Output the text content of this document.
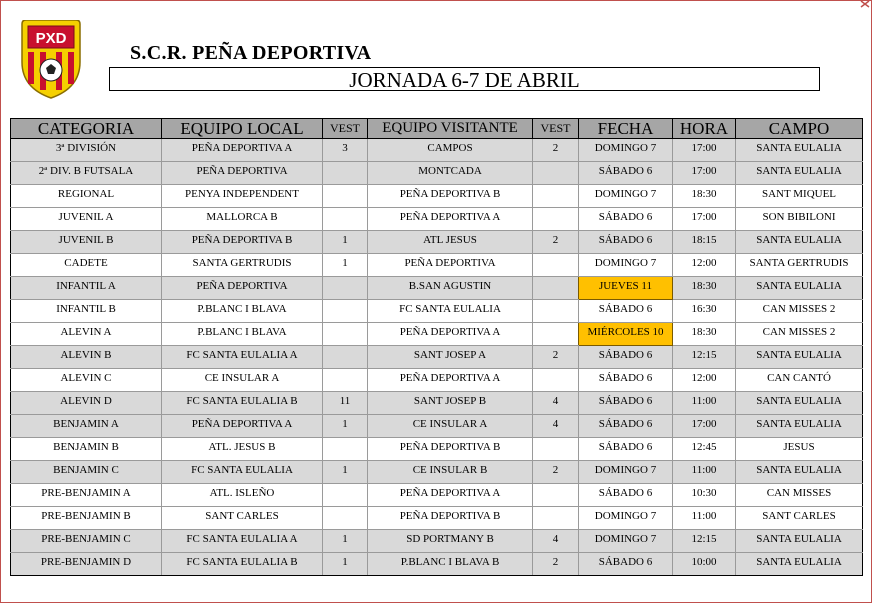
PXD
S.C.R. PEÑA DEPORTIVA
JORNADA 6-7 DE ABRIL
CATEGORIA	EQUIPO LOCAL	VEST	EQUIPO VISITANTE	VEST	FECHA	HORA	CAMPO
3ª DIVISIÓN	PEÑA DEPORTIVA A	3	CAMPOS	2	DOMINGO 7	17:00	SANTA EULALIA
2ª DIV. B FUTSALA	PEÑA DEPORTIVA		MONTCADA		SÁBADO 6	17:00	SANTA EULALIA
REGIONAL	PENYA INDEPENDENT		PEÑA DEPORTIVA B		DOMINGO 7	18:30	SANT MIQUEL
JUVENIL A	MALLORCA B		PEÑA DEPORTIVA A		SÁBADO 6	17:00	SON BIBILONI
JUVENIL B	PEÑA DEPORTIVA B	1	ATL JESUS	2	SÁBADO 6	18:15	SANTA EULALIA
CADETE	SANTA GERTRUDIS	1	PEÑA DEPORTIVA		DOMINGO 7	12:00	SANTA GERTRUDIS
INFANTIL A	PEÑA DEPORTIVA		B.SAN AGUSTIN		JUEVES 11	18:30	SANTA EULALIA
INFANTIL B	P.BLANC I BLAVA		FC SANTA EULALIA		SÁBADO 6	16:30	CAN MISSES 2
ALEVIN A	P.BLANC I BLAVA		PEÑA DEPORTIVA A		MIÉRCOLES 10	18:30	CAN MISSES 2
ALEVIN B	FC SANTA EULALIA A		SANT JOSEP A	2	SÁBADO 6	12:15	SANTA EULALIA
ALEVIN C	CE INSULAR A		PEÑA DEPORTIVA A		SÁBADO 6	12:00	CAN CANTÓ
ALEVIN D	FC SANTA EULALIA B	11	SANT JOSEP B	4	SÁBADO 6	11:00	SANTA EULALIA
BENJAMIN A	PEÑA DEPORTIVA A	1	CE INSULAR A	4	SÁBADO 6	17:00	SANTA EULALIA
BENJAMIN B	ATL. JESUS B		PEÑA DEPORTIVA B		SÁBADO 6	12:45	JESUS
BENJAMIN C	FC SANTA EULALIA	1	CE INSULAR B	2	DOMINGO 7	11:00	SANTA EULALIA
PRE-BENJAMIN A	ATL. ISLEÑO		PEÑA DEPORTIVA A		SÁBADO 6	10:30	CAN MISSES
PRE-BENJAMIN B	SANT CARLES		PEÑA DEPORTIVA B		DOMINGO 7	11:00	SANT CARLES
PRE-BENJAMIN C	FC SANTA EULALIA A	1	SD PORTMANY B	4	DOMINGO 7	12:15	SANTA EULALIA
PRE-BENJAMIN D	FC SANTA EULALIA B	1	P.BLANC I BLAVA B	2	SÁBADO 6	10:00	SANTA EULALIA
